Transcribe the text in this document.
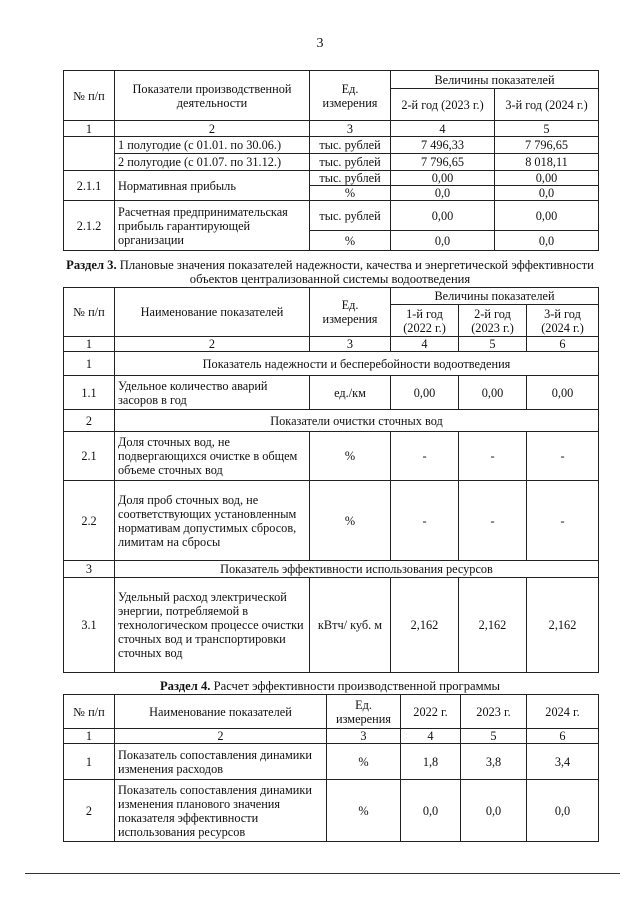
3
№ п/п	Показатели производственной деятельности	Ед. измерения	Величины показателей	
			2-й год (2023 г.)	3-й год (2024 г.)
1	2	3	4	5
	1 полугодие (с 01.01. по 30.06.)	тыс. рублей	7 496,33	7 796,65
	2 полугодие (с 01.07. по 31.12.)	тыс. рублей	7 796,65	8 018,11
2.1.1	Нормативная прибыль	тыс. рублей	0,00	0,00
		%	0,0	0,0
2.1.2	Расчетная предпринимательская прибыль гарантирующей организации	тыс. рублей	0,00	0,00
		%	0,0	0,0
Раздел 3. Плановые значения показателей надежности, качества и энергетической эффективности объектов централизованной системы водоотведения
№ п/п	Наименование показателей	Ед. измерения	Величины показателей		
			1-й год (2022 г.)	2-й год (2023 г.)	3-й год (2024 г.)
1	2	3	4	5	6
1	Показатель надежности и бесперебойности водоотведения				
1.1	Удельное количество аварий засоров в год	ед./км	0,00	0,00	0,00
2	Показатели очистки сточных вод				
2.1	Доля сточных вод, не подвергающихся очистке в общем объеме сточных вод	%	-	-	-
2.2	Доля проб сточных вод, не соответствующих установленным нормативам допустимых сбросов, лимитам на сбросы	%	-	-	-
3	Показатель эффективности использования ресурсов				
3.1	Удельный расход электрической энергии, потребляемой в технологическом процессе очистки сточных вод и транспортировки сточных вод	кВтч/ куб. м	2,162	2,162	2,162
Раздел 4. Расчет эффективности производственной программы
№ п/п	Наименование показателей	Ед. измерения	2022 г.	2023 г.	2024 г.
1	2	3	4	5	6
1	Показатель сопоставления динамики изменения расходов	%	1,8	3,8	3,4
2	Показатель сопоставления динамики изменения планового значения показателя эффективности использования ресурсов	%	0,0	0,0	0,0
